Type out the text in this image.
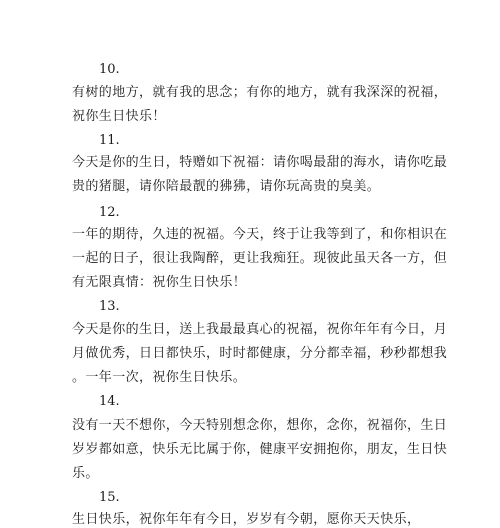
10.
有树的地方，就有我的思念；有你的地方，就有我深深的祝福，
祝你生日快乐！
11.
今天是你的生日，特赠如下祝福：请你喝最甜的海水，请你吃最
贵的猪腿，请你陪最靓的狒狒，请你玩高贵的臭美。
12.
一年的期待，久违的祝福。今天，终于让我等到了，和你相识在
一起的日子，很让我陶醉，更让我痴狂。现彼此虽天各一方，但
有无限真情：祝你生日快乐！
13.
今天是你的生日，送上我最最真心的祝福，祝你年年有今日，月
月做优秀，日日都快乐，时时都健康，分分都幸福，秒秒都想我
。一年一次，祝你生日快乐。
14.
没有一天不想你，今天特别想念你，想你，念你，祝福你，生日
岁岁都如意，快乐无比属于你，健康平安拥抱你，朋友，生日快
乐。
15.
生日快乐，祝你年年有今日，岁岁有今朝，愿你天天快乐，
